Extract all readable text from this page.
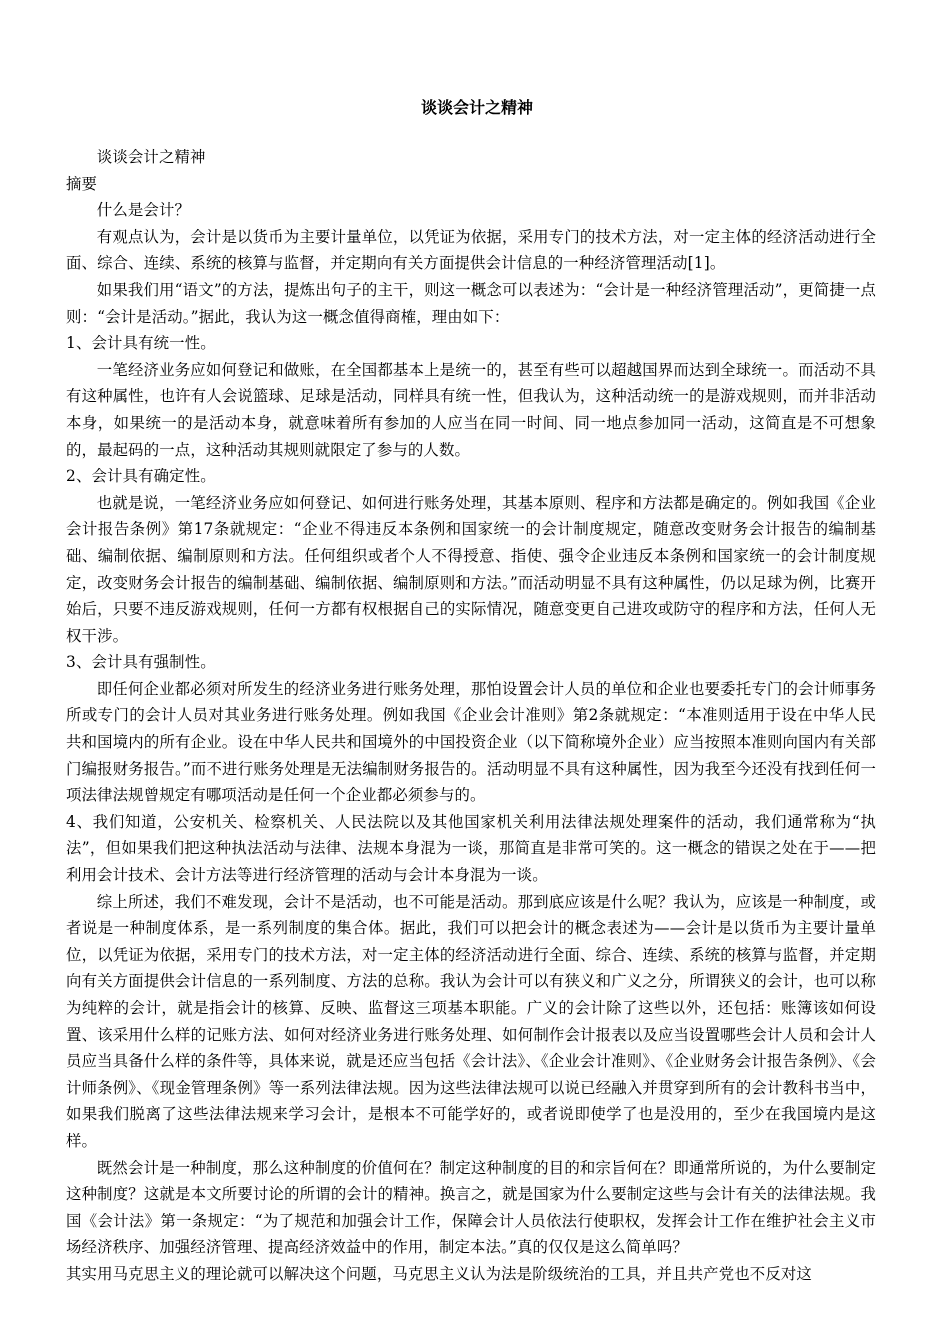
谈谈会计之精神

谈谈会计之精神

摘要

什么是会计？

有观点认为，会计是以货币为主要计量单位，以凭证为依据，采用专门的技术方法，对一定主体的经济活动进行全面、综合、连续、系统的核算与监督，并定期向有关方面提供会计信息的一种经济管理活动[1]。

如果我们用“语文”的方法，提炼出句子的主干，则这一概念可以表述为：“会计是一种经济管理活动”，更简捷一点则：“会计是活动。”据此，我认为这一概念值得商榷，理由如下：

1、会计具有统一性。

一笔经济业务应如何登记和做账，在全国都基本上是统一的，甚至有些可以超越国界而达到全球统一。而活动不具有这种属性，也许有人会说篮球、足球是活动，同样具有统一性，但我认为，这种活动统一的是游戏规则，而并非活动本身，如果统一的是活动本身，就意味着所有参加的人应当在同一时间、同一地点参加同一活动，这简直是不可想象的，最起码的一点，这种活动其规则就限定了参与的人数。

2、会计具有确定性。

也就是说，一笔经济业务应如何登记、如何进行账务处理，其基本原则、程序和方法都是确定的。例如我国《企业会计报告条例》第17条就规定：“企业不得违反本条例和国家统一的会计制度规定，随意改变财务会计报告的编制基础、编制依据、编制原则和方法。任何组织或者个人不得授意、指使、强令企业违反本条例和国家统一的会计制度规定，改变财务会计报告的编制基础、编制依据、编制原则和方法。”而活动明显不具有这种属性，仍以足球为例，比赛开始后，只要不违反游戏规则，任何一方都有权根据自己的实际情况，随意变更自己进攻或防守的程序和方法，任何人无权干涉。

3、会计具有强制性。

即任何企业都必须对所发生的经济业务进行账务处理，那怕设置会计人员的单位和企业也要委托专门的会计师事务所或专门的会计人员对其业务进行账务处理。例如我国《企业会计准则》第2条就规定：“本准则适用于设在中华人民共和国境内的所有企业。设在中华人民共和国境外的中国投资企业（以下简称境外企业）应当按照本准则向国内有关部门编报财务报告。”而不进行账务处理是无法编制财务报告的。活动明显不具有这种属性，因为我至今还没有找到任何一项法律法规曾规定有哪项活动是任何一个企业都必须参与的。

4、我们知道，公安机关、检察机关、人民法院以及其他国家机关利用法律法规处理案件的活动，我们通常称为“执法”，但如果我们把这种执法活动与法律、法规本身混为一谈，那简直是非常可笑的。这一概念的错误之处在于——把利用会计技术、会计方法等进行经济管理的活动与会计本身混为一谈。

综上所述，我们不难发现，会计不是活动，也不可能是活动。那到底应该是什么呢？我认为，应该是一种制度，或者说是一种制度体系，是一系列制度的集合体。据此，我们可以把会计的概念表述为——会计是以货币为主要计量单位，以凭证为依据，采用专门的技术方法，对一定主体的经济活动进行全面、综合、连续、系统的核算与监督，并定期向有关方面提供会计信息的一系列制度、方法的总称。我认为会计可以有狭义和广义之分，所谓狭义的会计，也可以称为纯粹的会计，就是指会计的核算、反映、监督这三项基本职能。广义的会计除了这些以外，还包括：账簿该如何设置、该采用什么样的记账方法、如何对经济业务进行账务处理、如何制作会计报表以及应当设置哪些会计人员和会计人员应当具备什么样的条件等，具体来说，就是还应当包括《会计法》、《企业会计准则》、《企业财务会计报告条例》、《会计师条例》、《现金管理条例》等一系列法律法规。因为这些法律法规可以说已经融入并贯穿到所有的会计教科书当中，如果我们脱离了这些法律法规来学习会计，是根本不可能学好的，或者说即使学了也是没用的，至少在我国境内是这样。

既然会计是一种制度，那么这种制度的价值何在？制定这种制度的目的和宗旨何在？即通常所说的，为什么要制定这种制度？这就是本文所要讨论的所谓的会计的精神。换言之，就是国家为什么要制定这些与会计有关的法律法规。我国《会计法》第一条规定：“为了规范和加强会计工作，保障会计人员依法行使职权，发挥会计工作在维护社会主义市场经济秩序、加强经济管理、提高经济效益中的作用，制定本法。”真的仅仅是这么简单吗？

其实用马克思主义的理论就可以解决这个问题，马克思主义认为法是阶级统治的工具，并且共产党也不反对这
